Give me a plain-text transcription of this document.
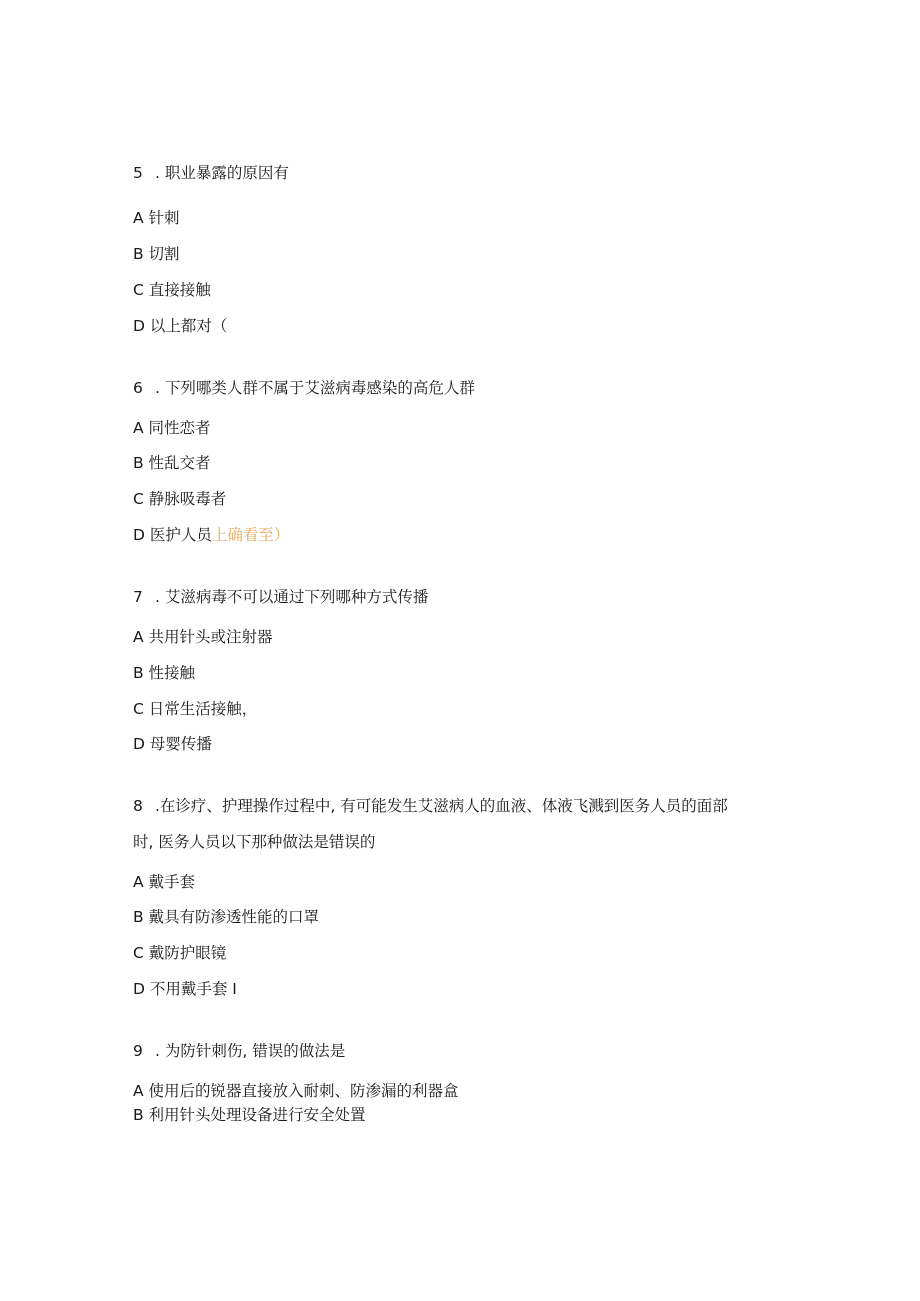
5 . 职业暴露的原因有
A 针刺
B 切割
C 直接接触
D 以上都对（
6 . 下列哪类人群不属于艾滋病毒感染的高危人群
A 同性恋者
B 性乱交者
C 静脉吸毒者
D 医护人员上确看至）
7 . 艾滋病毒不可以通过下列哪种方式传播
A 共用针头或注射器
B 性接触
C 日常生活接触，
D 母婴传播
8 .在诊疗、护理操作过程中, 有可能发生艾滋病人的血液、体液飞溅到医务人员的面部
时, 医务人员以下那种做法是错误的
A 戴手套
B 戴具有防渗透性能的口罩
C 戴防护眼镜
D 不用戴手套 I
9 . 为防针刺伤, 错误的做法是
A 使用后的锐器直接放入耐刺、防渗漏的利器盒
B 利用针头处理设备进行安全处置
